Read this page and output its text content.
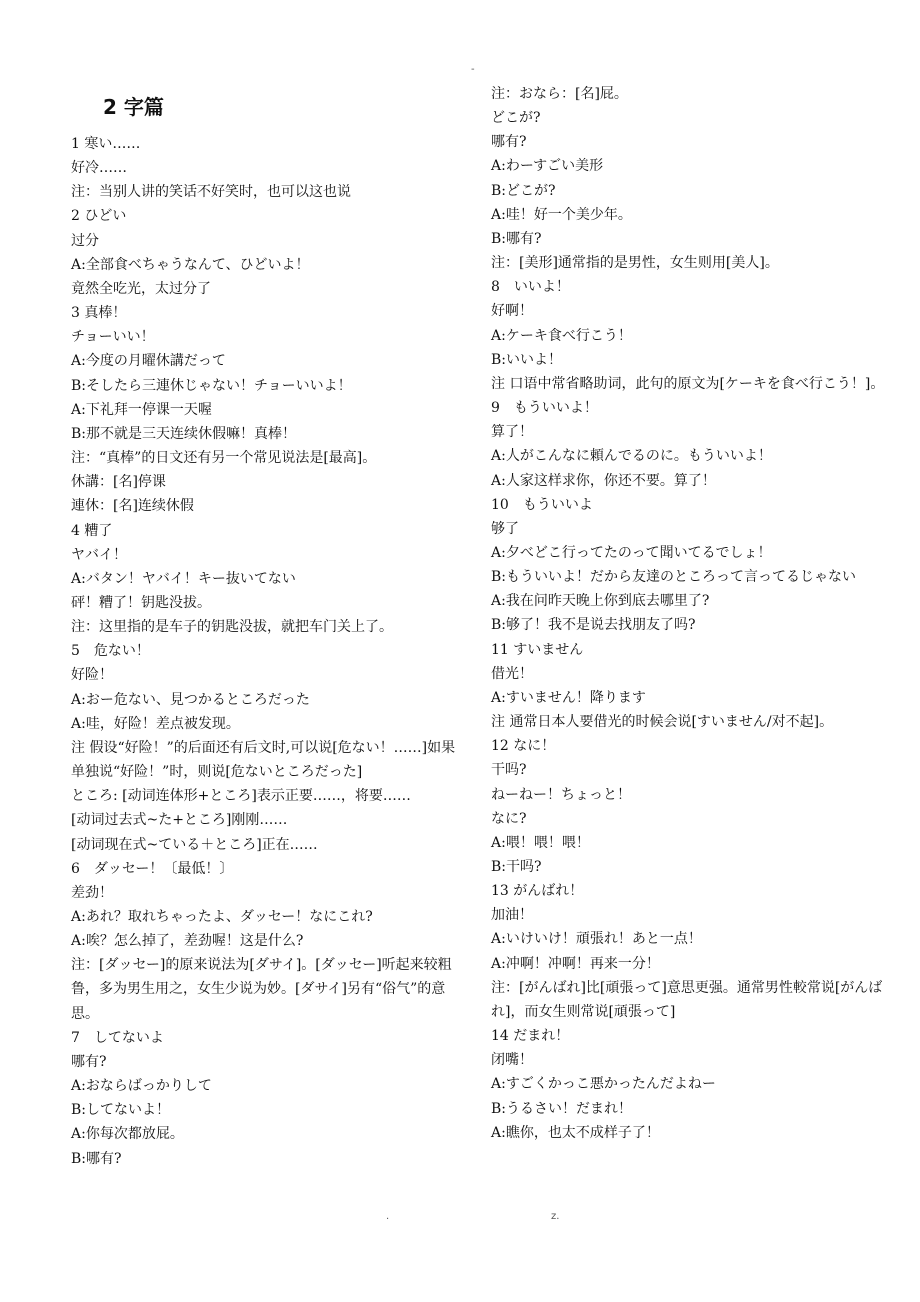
-
2 字篇
1 寒い……
好冷……
注：当别人讲的笑话不好笑时，也可以这也说
2 ひどい
过分
A:全部食べちゃうなんて、ひどいよ！
竟然全吃光，太过分了
3 真棒！
チョーいい！
A:今度の月曜休講だって
B:そしたら三連休じゃない！チョーいいよ！
A:下礼拜一停课一天喔
B:那不就是三天连续休假嘛！真棒！
注：“真棒”的日文还有另一个常见说法是[最高]。
休講：[名]停课
連休：[名]连续休假
4 糟了
ヤバイ！
A:バタン！ヤバイ！キー抜いてない
砰！糟了！钥匙没拔。
注：这里指的是车子的钥匙没拔，就把车门关上了。
5　危ない！
好险！
A:おー危ない、見つかるところだった
A:哇，好险！差点被发现。
注 假设“好险！”的后面还有后文时,可以说[危ない！……]如果单独说“好险！”时，则说[危ないところだった]
ところ: [动词连体形+ところ]表示正要……，将要……
[动词过去式~た+ところ]刚刚……
[动词现在式~ている＋ところ]正在……
6　ダッセー！〔最低！〕
差劲！
A:あれ？取れちゃったよ、ダッセー！なにこれ?
A:唉？怎么掉了，差劲喔！这是什么?
注：[ダッセー]的原来说法为[ダサイ]。[ダッセー]听起来较粗鲁，多为男生用之，女生少说为妙。[ダサイ]另有“俗气”的意思。
7　してないよ
哪有?
A:おならばっかりして
B:してないよ！
A:你每次都放屁。
B:哪有?
注：おなら：[名]屁。
どこが?
哪有?
A:わーすごい美形
B:どこが?
A:哇！好一个美少年。
B:哪有?
注：[美形]通常指的是男性，女生则用[美人]。
8　いいよ！
好啊！
A:ケーキ食べ行こう！
B:いいよ！
注 口语中常省略助词，此句的原文为[ケーキを食べ行こう！]。
9　もういいよ！
算了！
A:人がこんなに頼んでるのに。もういいよ！
A:人家这样求你，你还不要。算了！
10　もういいよ
够了
A:夕べどこ行ってたのって聞いてるでしょ！
B:もういいよ！だから友達のところって言ってるじゃない
A:我在问昨天晚上你到底去哪里了?
B:够了！我不是说去找朋友了吗?
11 すいません
借光！
A:すいません！降ります
注 通常日本人要借光的时候会说[すいません/对不起]。
12 なに！
干吗?
ねーねー！ちょっと！
なに?
A:喂！喂！喂！
B:干吗?
13 がんばれ！
加油！
A:いけいけ！頑張れ！あと一点！
A:冲啊！冲啊！再来一分！
注：[がんばれ]比[頑張って]意思更强。通常男性較常说[がんばれ]，而女生则常说[頑張って]
14 だまれ！
闭嘴！
A:すごくかっこ悪かったんだよねー
B:うるさい！だまれ！
A:瞧你，也太不成样子了！
.	z.
